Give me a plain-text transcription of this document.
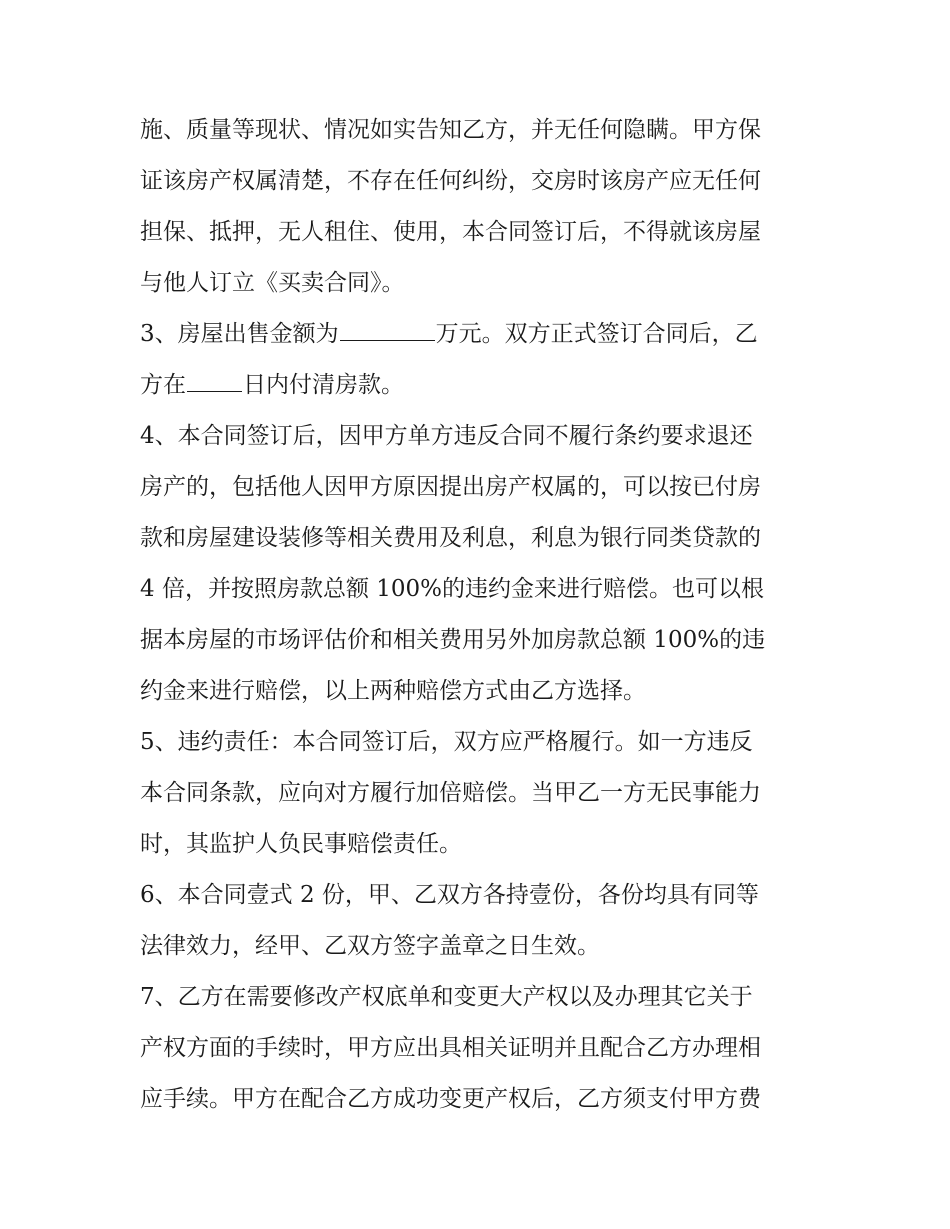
施、质量等现状、情况如实告知乙方，并无任何隐瞒。甲方保
证该房产权属清楚，不存在任何纠纷，交房时该房产应无任何
担保、抵押，无人租住、使用，本合同签订后，不得就该房屋
与他人订立《买卖合同》。
3、房屋出售金额为	万元。双方正式签订合同后，乙
方在 日内付清房款。
4、本合同签订后，因甲方单方违反合同不履行条约要求退还
房产的，包括他人因甲方原因提出房产权属的，可以按已付房
款和房屋建设装修等相关费用及利息，利息为银行同类贷款的
4 倍，并按照房款总额 100%的违约金来进行赔偿。也可以根
据本房屋的市场评估价和相关费用另外加房款总额 100%的违
约金来进行赔偿，以上两种赔偿方式由乙方选择。
5、违约责任：本合同签订后，双方应严格履行。如一方违反
本合同条款，应向对方履行加倍赔偿。当甲乙一方无民事能力
时，其监护人负民事赔偿责任。
6、本合同壹式 2 份，甲、乙双方各持壹份，各份均具有同等
法律效力，经甲、乙双方签字盖章之日生效。
7、乙方在需要修改产权底单和变更大产权以及办理其它关于
产权方面的手续时，甲方应出具相关证明并且配合乙方办理相
应手续。甲方在配合乙方成功变更产权后，乙方须支付甲方费
